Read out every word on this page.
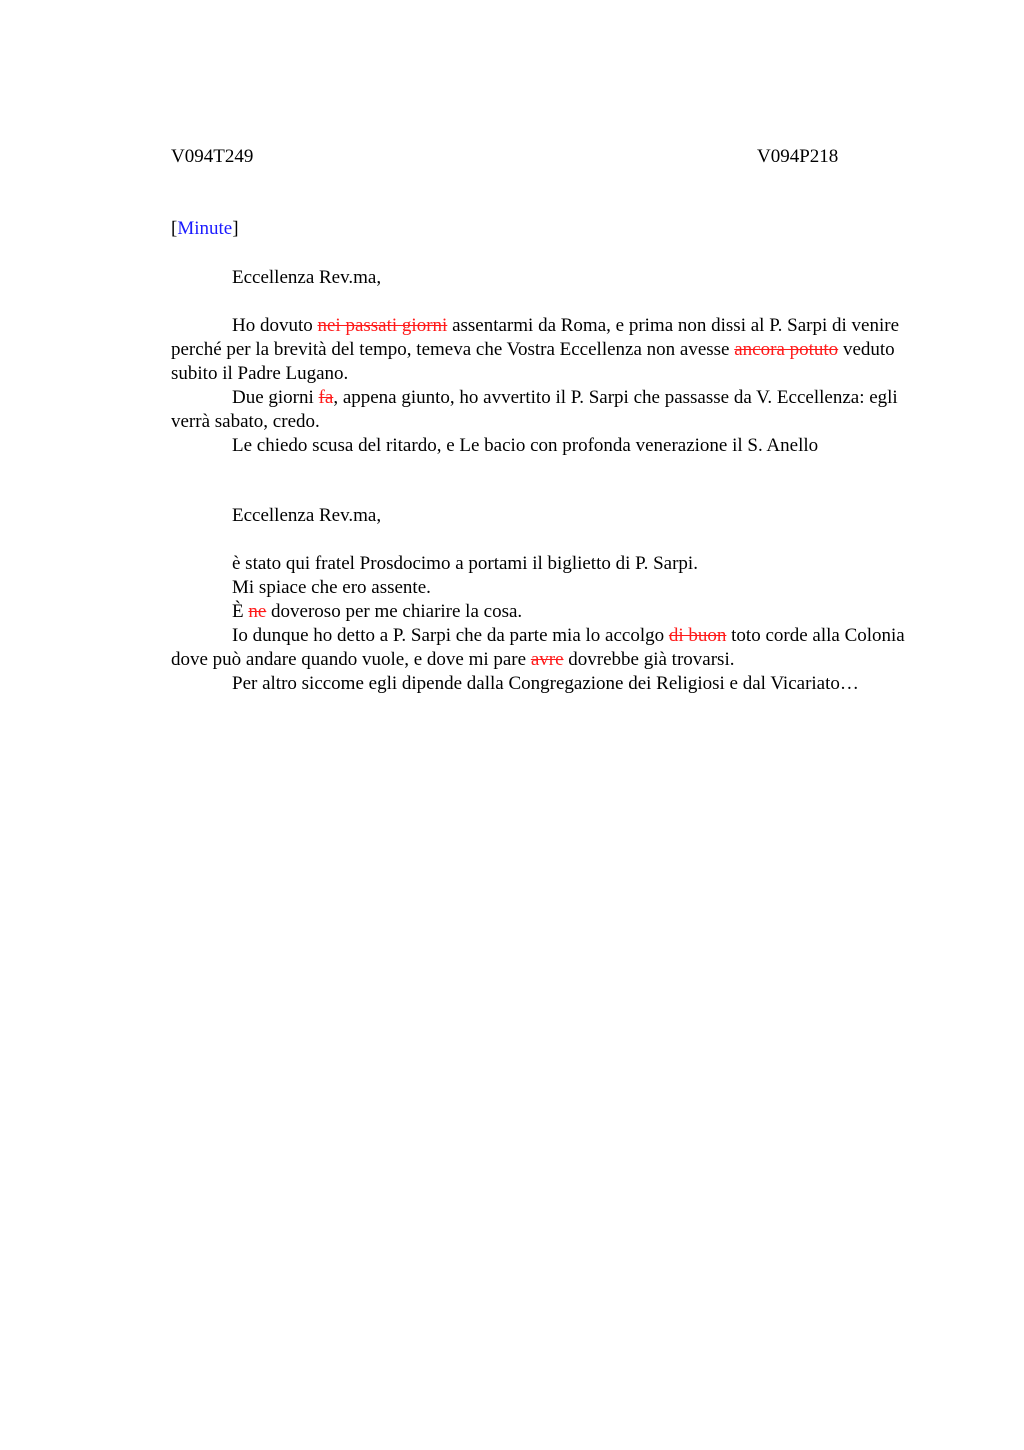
V094T249	V094P218
[Minute]

Eccellenza Rev.ma,

Ho dovuto nei passati giorni assentarmi da Roma, e prima non dissi al P. Sarpi di venire perché per la brevità del tempo, temeva che Vostra Eccellenza non avesse ancora potuto veduto subito il Padre Lugano.

Due giorni fa, appena giunto, ho avvertito il P. Sarpi che passasse da V. Eccellenza: egli verrà sabato, credo.

Le chiedo scusa del ritardo, e Le bacio con profonda venerazione il S. Anello

Eccellenza Rev.ma,

è stato qui fratel Prosdocimo a portami il biglietto di P. Sarpi.

Mi spiace che ero assente.

È ne doveroso per me chiarire la cosa.

Io dunque ho detto a P. Sarpi che da parte mia lo accolgo di buon toto corde alla Colonia dove può andare quando vuole, e dove mi pare avre dovrebbe già trovarsi.

Per altro siccome egli dipende dalla Congregazione dei Religiosi e dal Vicariato…
